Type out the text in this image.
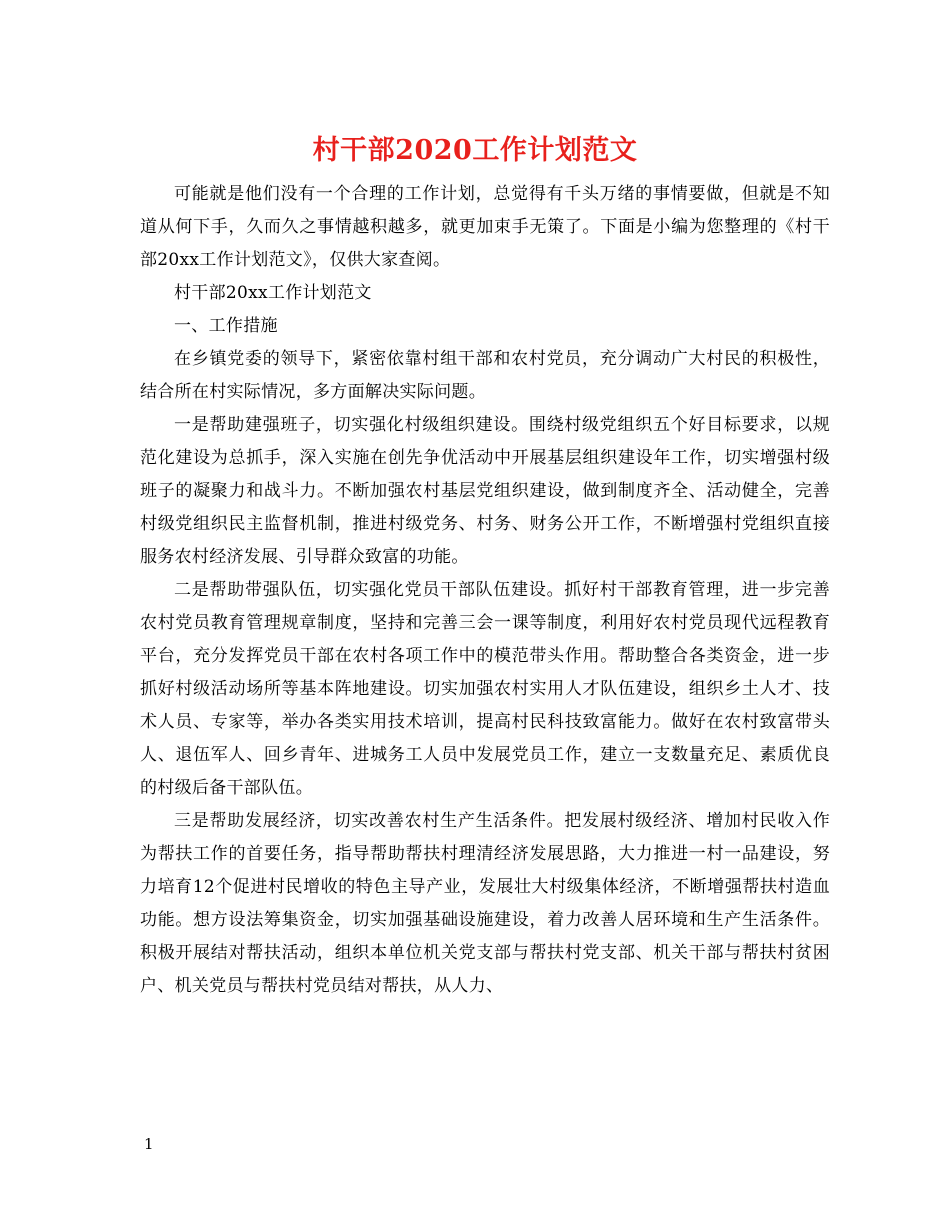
村干部2020工作计划范文

可能就是他们没有一个合理的工作计划，总觉得有千头万绪的事情要做，但就是不知道从何下手，久而久之事情越积越多，就更加束手无策了。下面是小编为您整理的《村干部20xx工作计划范文》，仅供大家查阅。

村干部20xx工作计划范文

一、工作措施

在乡镇党委的领导下，紧密依靠村组干部和农村党员，充分调动广大村民的积极性，结合所在村实际情况，多方面解决实际问题。

一是帮助建强班子，切实强化村级组织建设。围绕村级党组织五个好目标要求，以规范化建设为总抓手，深入实施在创先争优活动中开展基层组织建设年工作，切实增强村级班子的凝聚力和战斗力。不断加强农村基层党组织建设，做到制度齐全、活动健全，完善村级党组织民主监督机制，推进村级党务、村务、财务公开工作，不断增强村党组织直接服务农村经济发展、引导群众致富的功能。

二是帮助带强队伍，切实强化党员干部队伍建设。抓好村干部教育管理，进一步完善农村党员教育管理规章制度，坚持和完善三会一课等制度，利用好农村党员现代远程教育平台，充分发挥党员干部在农村各项工作中的模范带头作用。帮助整合各类资金，进一步抓好村级活动场所等基本阵地建设。切实加强农村实用人才队伍建设，组织乡土人才、技术人员、专家等，举办各类实用技术培训，提高村民科技致富能力。做好在农村致富带头人、退伍军人、回乡青年、进城务工人员中发展党员工作，建立一支数量充足、素质优良的村级后备干部队伍。

三是帮助发展经济，切实改善农村生产生活条件。把发展村级经济、增加村民收入作为帮扶工作的首要任务，指导帮助帮扶村理清经济发展思路，大力推进一村一品建设，努力培育12个促进村民增收的特色主导产业，发展壮大村级集体经济，不断增强帮扶村造血功能。想方设法筹集资金，切实加强基础设施建设，着力改善人居环境和生产生活条件。积极开展结对帮扶活动，组织本单位机关党支部与帮扶村党支部、机关干部与帮扶村贫困户、机关党员与帮扶村党员结对帮扶，从人力、

1
